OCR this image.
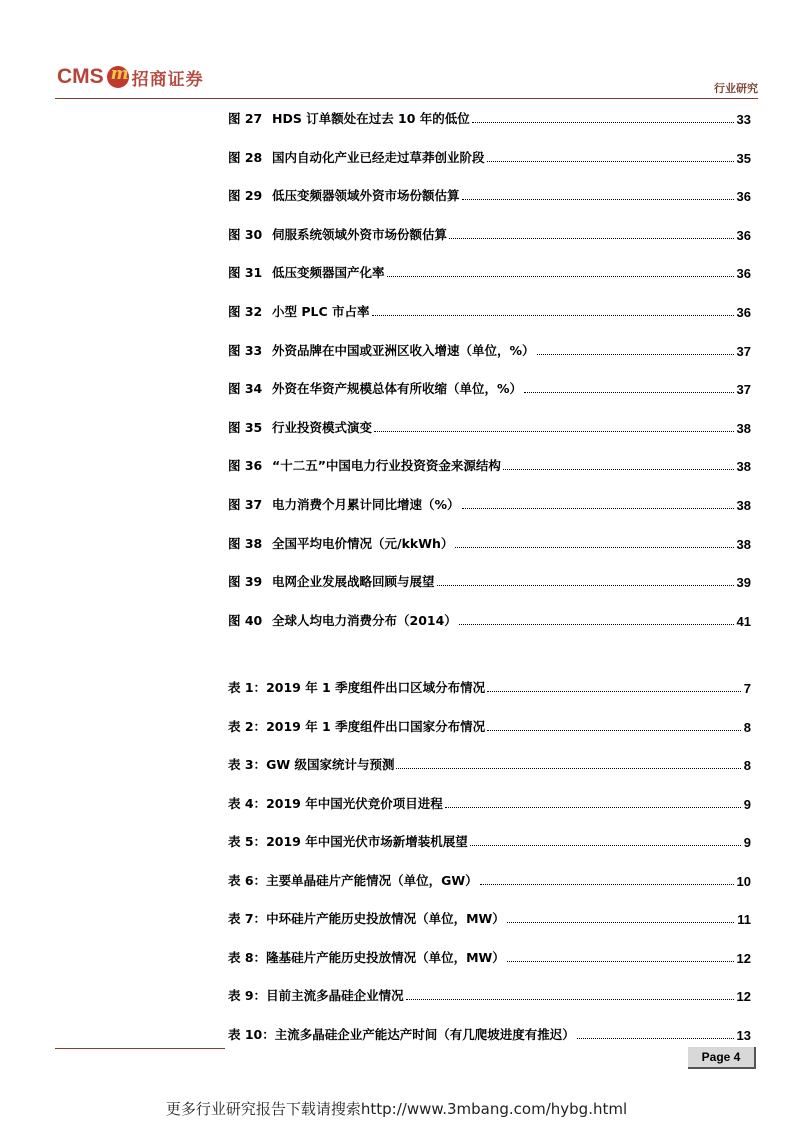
CMS m 招商证券	行业研究
图 27 HDS 订单额处在过去 10 年的低位	33
图 28 国内自动化产业已经走过草莽创业阶段	35
图 29 低压变频器领域外资市场份额估算	36
图 30 伺服系统领域外资市场份额估算	36
图 31 低压变频器国产化率	36
图 32 小型 PLC 市占率	36
图 33 外资品牌在中国或亚洲区收入增速（单位，%）	37
图 34 外资在华资产规模总体有所收缩（单位，%）	37
图 35 行业投资模式演变	38
图 36 “十二五”中国电力行业投资资金来源结构	38
图 37 电力消费个月累计同比增速（%）	38
图 38 全国平均电价情况（元/kkWh）	38
图 39 电网企业发展战略回顾与展望	39
图 40 全球人均电力消费分布（2014）	41
表 1：2019 年 1 季度组件出口区域分布情况	7
表 2：2019 年 1 季度组件出口国家分布情况	8
表 3：GW 级国家统计与预测	8
表 4：2019 年中国光伏竞价项目进程	9
表 5：2019 年中国光伏市场新增装机展望	9
表 6：主要单晶硅片产能情况（单位，GW）	10
表 7：中环硅片产能历史投放情况（单位，MW）	11
表 8：隆基硅片产能历史投放情况（单位，MW）	12
表 9：目前主流多晶硅企业情况	12
表 10：主流多晶硅企业产能达产时间（有几爬坡进度有推迟）	13
Page 4
更多行业研究报告下载请搜索http://www.3mbang.com/hybg.html
